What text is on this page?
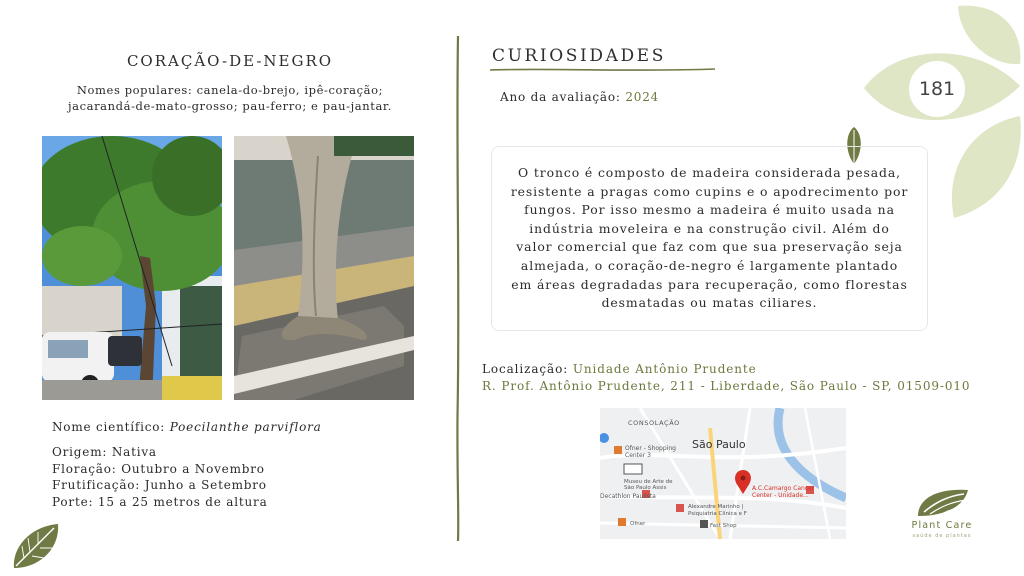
181
CORAÇÃO-DE-NEGRO
Nomes populares: canela-do-brejo, ipê-coração;
jacarandá-de-mato-grosso; pau-ferro; e pau-jantar.
Nome científico: Poecilanthe parviflora
Origem: Nativa
Floração: Outubro a Novembro
Frutificação: Junho a Setembro
Porte: 15 a 25 metros de altura
CURIOSIDADES
Ano da avaliação: 2024
O tronco é composto de madeira considerada pesada, resistente a pragas como cupins e o apodrecimento por fungos. Por isso mesmo a madeira é muito usada na indústria moveleira e na construção civil. Além do valor comercial que faz com que sua preservação seja almejada, o coração-de-negro é largamente plantado em áreas degradadas para recuperação, como florestas desmatadas ou matas ciliares.
Localização: Unidade Antônio Prudente
R. Prof. Antônio Prudente, 211 - Liberdade, São Paulo - SP, 01509-010
CONSOLAÇÃO
São Paulo
Ofner - Shopping
Center 3
Museu de Arte de
São Paulo Assis
Decathlon Paulista
Alexandre Marinho |
Psiquiatria Clínica e F
A.C.Camargo Cancer
Center - Unidade...
Ofner	Fast Shop	Plant Care
saúde de plantas
